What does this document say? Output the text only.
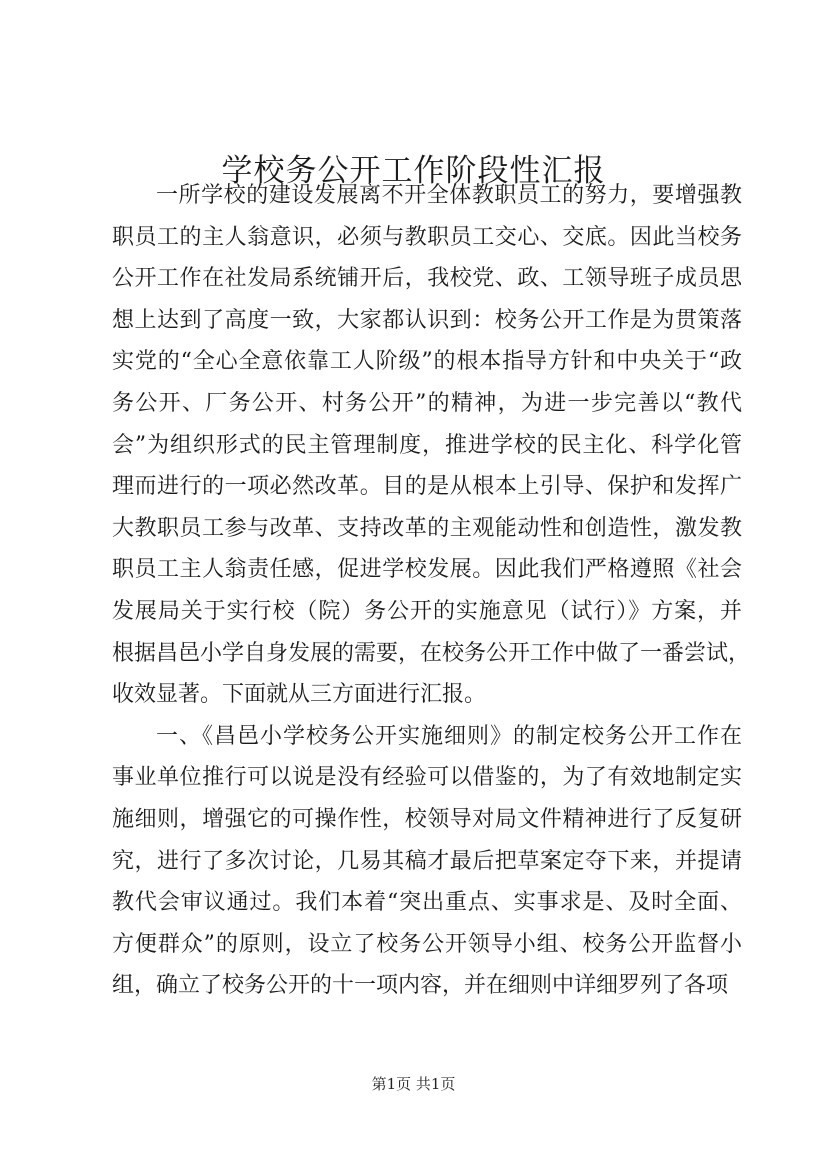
学校务公开工作阶段性汇报

一所学校的建设发展离不开全体教职员工的努力，要增强教
职员工的主人翁意识，必须与教职员工交心、交底。因此当校务
公开工作在社发局系统铺开后，我校党、政、工领导班子成员思
想上达到了高度一致，大家都认识到：校务公开工作是为贯策落
实党的“全心全意依靠工人阶级”的根本指导方针和中央关于“政
务公开、厂务公开、村务公开”的精神，为进一步完善以“教代
会”为组织形式的民主管理制度，推进学校的民主化、科学化管
理而进行的一项必然改革。目的是从根本上引导、保护和发挥广
大教职员工参与改革、支持改革的主观能动性和创造性，激发教
职员工主人翁责任感，促进学校发展。因此我们严格遵照《社会
发展局关于实行校（院）务公开的实施意见（试行）》方案，并
根据昌邑小学自身发展的需要，在校务公开工作中做了一番尝试，
收效显著。下面就从三方面进行汇报。

一、《昌邑小学校务公开实施细则》的制定校务公开工作在
事业单位推行可以说是没有经验可以借鉴的，为了有效地制定实
施细则，增强它的可操作性，校领导对局文件精神进行了反复研
究，进行了多次讨论，几易其稿才最后把草案定夺下来，并提请
教代会审议通过。我们本着“突出重点、实事求是、及时全面、
方便群众”的原则，设立了校务公开领导小组、校务公开监督小
组，确立了校务公开的十一项内容，并在细则中详细罗列了各项

第1页 共1页
